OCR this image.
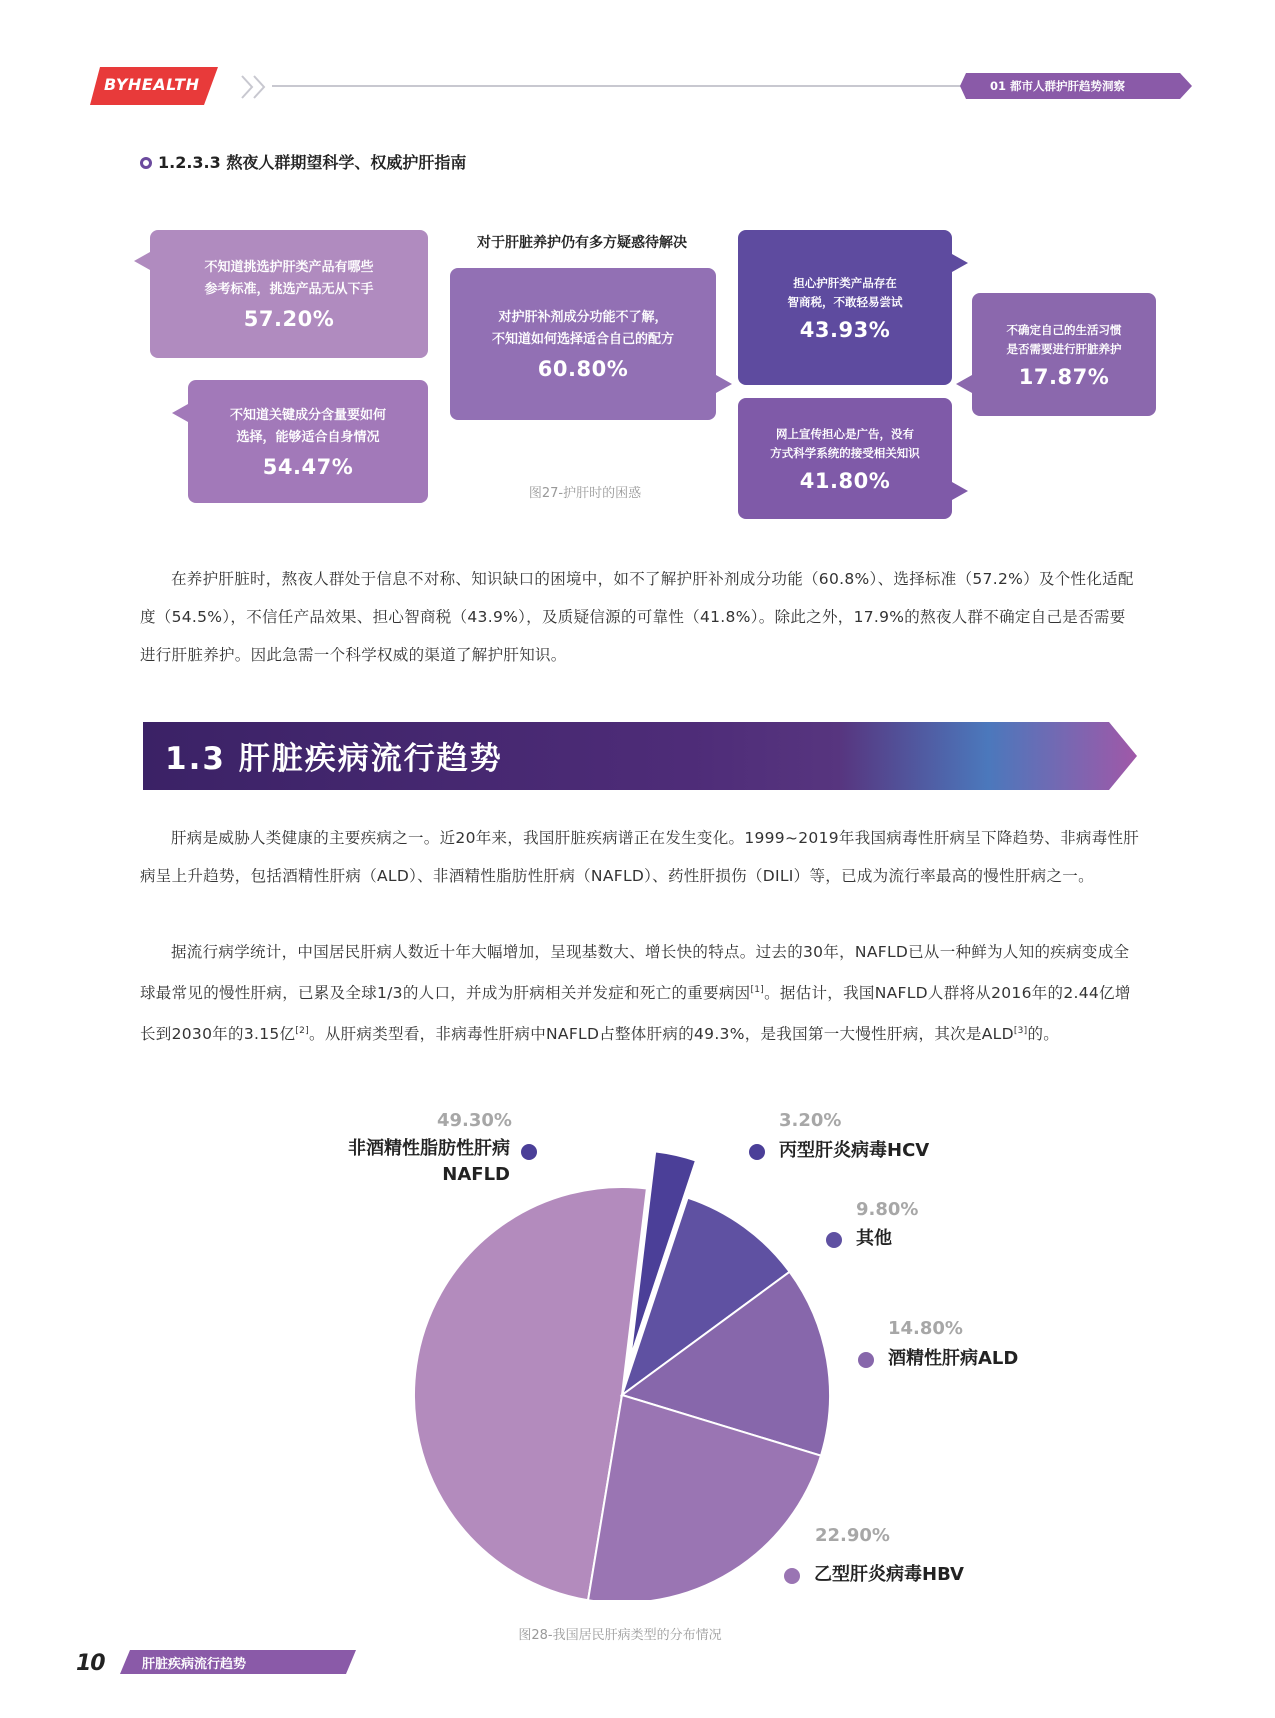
BYHEALTH	01 都市人群护肝趋势洞察
1.2.3.3 熬夜人群期望科学、权威护肝指南
对于肝脏养护仍有多方疑惑待解决
不知道挑选护肝类产品有哪些
参考标准，挑选产品无从下手
57.20%
不知道关键成分含量要如何
选择，能够适合自身情况
54.47%
对护肝补剂成分功能不了解，
不知道如何选择适合自己的配方
60.80%
担心护肝类产品存在
智商税，不敢轻易尝试
43.93%
网上宣传担心是广告，没有
方式科学系统的接受相关知识
41.80%
不确定自己的生活习惯
是否需要进行肝脏养护
17.87%
图27-护肝时的困惑

在养护肝脏时，熬夜人群处于信息不对称、知识缺口的困境中，如不了解护肝补剂成分功能（60.8%）、选择标准（57.2%）及个性化适配度（54.5%），不信任产品效果、担心智商税（43.9%），及质疑信源的可靠性（41.8%）。除此之外，17.9%的熬夜人群不确定自己是否需要进行肝脏养护。因此急需一个科学权威的渠道了解护肝知识。

1.3 肝脏疾病流行趋势

肝病是威胁人类健康的主要疾病之一。近20年来，我国肝脏疾病谱正在发生变化。1999~2019年我国病毒性肝病呈下降趋势、非病毒性肝病呈上升趋势，包括酒精性肝病（ALD）、非酒精性脂肪性肝病（NAFLD）、药性肝损伤（DILI）等，已成为流行率最高的慢性肝病之一。

据流行病学统计，中国居民肝病人数近十年大幅增加，呈现基数大、增长快的特点。过去的30年，NAFLD已从一种鲜为人知的疾病变成全球最常见的慢性肝病，已累及全球1/3的人口，并成为肝病相关并发症和死亡的重要病因[1]。据估计，我国NAFLD人群将从2016年的2.44亿增长到2030年的3.15亿[2]。从肝病类型看，非病毒性肝病中NAFLD占整体肝病的49.3%，是我国第一大慢性肝病，其次是ALD[3]的。

49.30%
非酒精性脂肪性肝病
NAFLD
3.20%
丙型肝炎病毒HCV
9.80%
其他
14.80%
酒精性肝病ALD
22.90%
乙型肝炎病毒HBV
图28-我国居民肝病类型的分布情况
10	肝脏疾病流行趋势
